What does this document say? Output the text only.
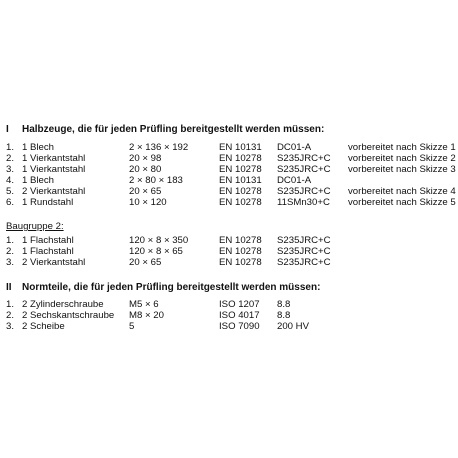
I	Halbzeuge, die für jeden Prüfling bereitgestellt werden müssen:
1. 1 Blech	2 × 136 × 192	EN 10131 DC01-A	vorbereitet nach Skizze 1
2. 1 Vierkantstahl	20 × 98	EN 10278 S235JRC+C vorbereitet nach Skizze 2
3. 1 Vierkantstahl	20 × 80	EN 10278 S235JRC+C vorbereitet nach Skizze 3
4. 1 Blech	2 × 80 × 183	EN 10131 DC01-A
5. 2 Vierkantstahl	20 × 65	EN 10278 S235JRC+C vorbereitet nach Skizze 4
6. 1 Rundstahl	10 × 120	EN 10278 11SMn30+C vorbereitet nach Skizze 5
Baugruppe 2:
1. 1 Flachstahl	120 × 8 × 350	EN 10278 S235JRC+C
2. 1 Flachstahl	120 × 8 × 65	EN 10278 S235JRC+C
3. 2 Vierkantstahl	20 × 65	EN 10278 S235JRC+C
II	Normteile, die für jeden Prüfling bereitgestellt werden müssen:
1. 2 Zylinderschraube	M5 × 6	ISO 1207 8.8
2. 2 Sechskantschraube M8 × 20	ISO 4017 8.8
3. 2 Scheibe	5	ISO 7090 200 HV
